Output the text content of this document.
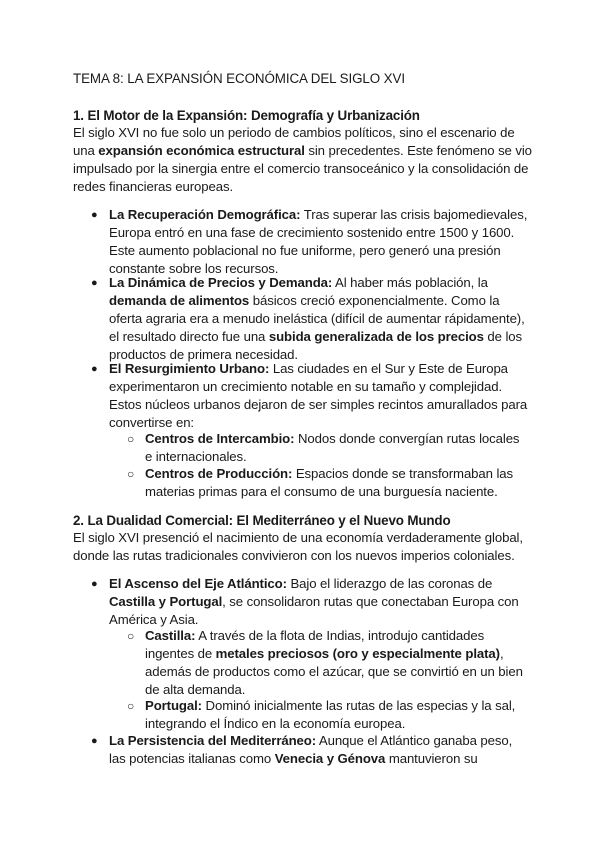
TEMA 8: LA EXPANSIÓN ECONÓMICA DEL SIGLO XVI
1. El Motor de la Expansión: Demografía y Urbanización

El siglo XVI no fue solo un periodo de cambios políticos, sino el escenario de una expansión económica estructural sin precedentes. Este fenómeno se vio impulsado por la sinergia entre el comercio transoceánico y la consolidación de redes financieras europeas.

● La Recuperación Demográfica: Tras superar las crisis bajomedievales, Europa entró en una fase de crecimiento sostenido entre 1500 y 1600. Este aumento poblacional no fue uniforme, pero generó una presión constante sobre los recursos.

● La Dinámica de Precios y Demanda: Al haber más población, la demanda de alimentos básicos creció exponencialmente. Como la oferta agraria era a menudo inelástica (difícil de aumentar rápidamente), el resultado directo fue una subida generalizada de los precios de los productos de primera necesidad.

● El Resurgimiento Urbano: Las ciudades en el Sur y Este de Europa experimentaron un crecimiento notable en su tamaño y complejidad. Estos núcleos urbanos dejaron de ser simples recintos amurallados para convertirse en:

○ Centros de Intercambio: Nodos donde convergían rutas locales e internacionales.

○ Centros de Producción: Espacios donde se transformaban las materias primas para el consumo de una burguesía naciente.

2. La Dualidad Comercial: El Mediterráneo y el Nuevo Mundo

El siglo XVI presenció el nacimiento de una economía verdaderamente global, donde las rutas tradicionales convivieron con los nuevos imperios coloniales.

● El Ascenso del Eje Atlántico: Bajo el liderazgo de las coronas de Castilla y Portugal, se consolidaron rutas que conectaban Europa con América y Asia.

○ Castilla: A través de la flota de Indias, introdujo cantidades ingentes de metales preciosos (oro y especialmente plata), además de productos como el azúcar, que se convirtió en un bien de alta demanda.

○ Portugal: Dominó inicialmente las rutas de las especias y la sal, integrando el Índico en la economía europea.

● La Persistencia del Mediterráneo: Aunque el Atlántico ganaba peso, las potencias italianas como Venecia y Génova mantuvieron su
